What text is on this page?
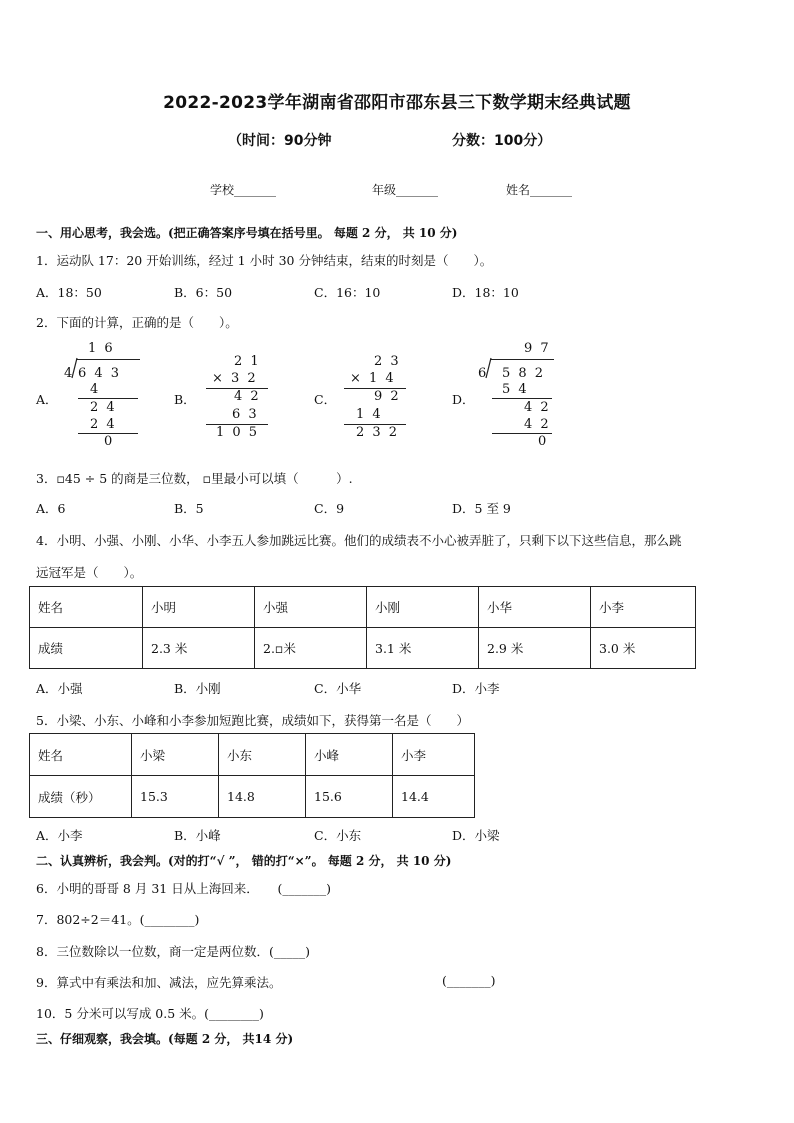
2022-2023学年湖南省邵阳市邵东县三下数学期末经典试题
（时间：90分钟	分数：100分）
学校_______	年级_______	姓名_______
一、用心思考，我会选。(把正确答案序号填在括号里。 每题 2 分， 共 10 分)
1．运动队 17：20 开始训练，经过 1 小时 30 分钟结束，结束的时刻是（　　）。
A．18：50	B．6：50	C．16：10	D．18：10
2．下面的计算，正确的是（　　）。
A．	B．	C．	D．
1 6
4 6 4 3
4
2 4
2 4
0
2 1
× 3 2
4 2
6 3
1 0 5
2 3
× 1 4
9 2
1 4
2 3 2
9 7
6 5 8 2
5 4
4 2
4 2
0
3．▫45 ÷ 5 的商是三位数， ▫里最小可以填（　　　）.
A．6	B．5	C．9	D．5 至 9
4．小明、小强、小刚、小华、小李五人参加跳远比赛。他们的成绩表不小心被弄脏了，只剩下以下这些信息，那么跳
远冠军是（　　）。
姓名	小明	小强	小刚	小华	小李
成绩	2.3 米	2.▫米	3.1 米	2.9 米	3.0 米
A．小强	B．小刚	C．小华	D．小李
5．小梁、小东、小峰和小李参加短跑比赛，成绩如下，获得第一名是（　　）
姓名	小梁	小东	小峰	小李
成绩（秒）	15.3	14.8	15.6	14.4
A．小李	B．小峰	C．小东	D．小梁
二、认真辨析，我会判。(对的打“√ ”， 错的打“×”。 每题 2 分， 共 10 分)
6．小明的哥哥 8 月 31 日从上海回来．　　(_______)
7．802÷2＝41。(________)
8．三位数除以一位数，商一定是两位数．(_____)
9．算式中有乘法和加、减法，应先算乘法。	(_______)
10．5 分米可以写成 0.5 米。(________)
三、仔细观察，我会填。(每题 2 分， 共14 分)
